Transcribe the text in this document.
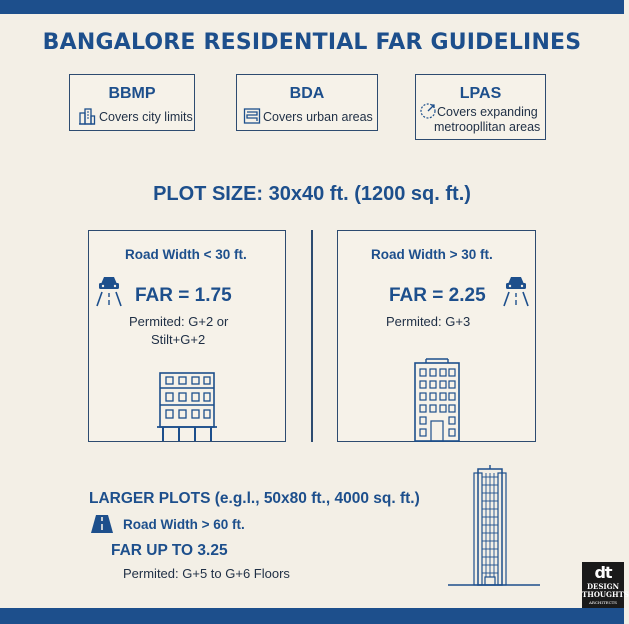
BANGALORE RESIDENTIAL FAR GUIDELINES
BBMP
Covers city limits
BDA
Covers urban areas
LPAS
Covers expanding
metroopllitan areas
PLOT SIZE: 30x40 ft. (1200 sq. ft.)
Road Width < 30 ft.
FAR = 1.75
Permited: G+2 or
Stilt+G+2
Road Width > 30 ft.
FAR = 2.25
Permited: G+3
LARGER PLOTS (e.g.l., 50x80 ft., 4000 sq. ft.)
Road Width > 60 ft.
FAR UP TO 3.25
Permited: G+5 to G+6 Floors	dt
DESIGN
THOUGHTS
ARCHITECTS
